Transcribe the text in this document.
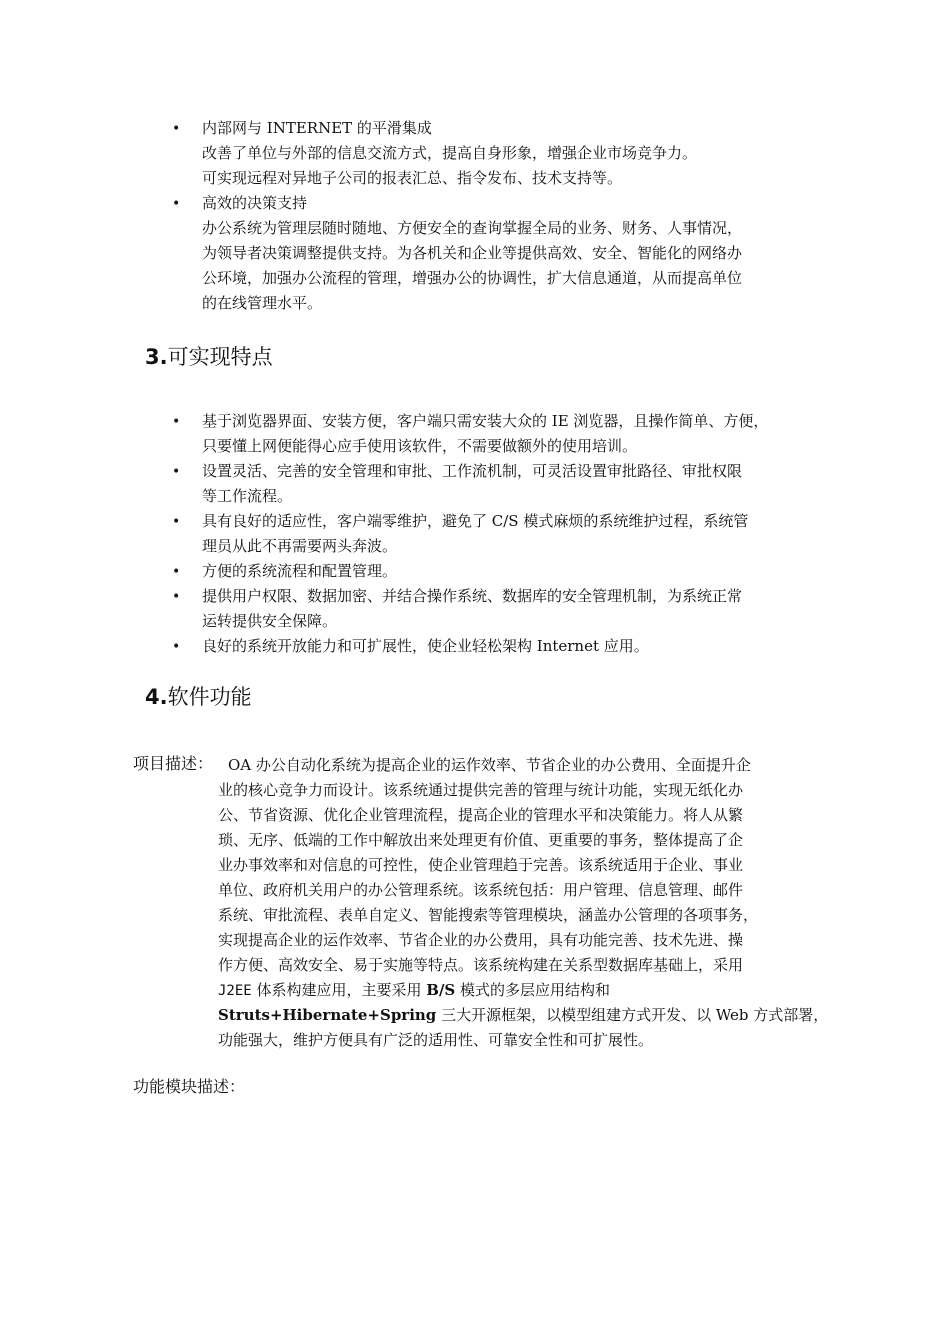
• 内部网与 INTERNET 的平滑集成
改善了单位与外部的信息交流方式，提高自身形象，增强企业市场竞争力。
可实现远程对异地子公司的报表汇总、指令发布、技术支持等。
• 高效的决策支持
办公系统为管理层随时随地、方便安全的查询掌握全局的业务、财务、人事情况，
为领导者决策调整提供支持。为各机关和企业等提供高效、安全、智能化的网络办
公环境，加强办公流程的管理，增强办公的协调性，扩大信息通道，从而提高单位
的在线管理水平。
3.可实现特点
• 基于浏览器界面、安装方便，客户端只需安装大众的 IE 浏览器，且操作简单、方便，
只要懂上网便能得心应手使用该软件，不需要做额外的使用培训。
• 设置灵活、完善的安全管理和审批、工作流机制，可灵活设置审批路径、审批权限
等工作流程。
• 具有良好的适应性，客户端零维护，避免了 C/S 模式麻烦的系统维护过程，系统管
理员从此不再需要两头奔波。
• 方便的系统流程和配置管理。
• 提供用户权限、数据加密、并结合操作系统、数据库的安全管理机制，为系统正常
运转提供安全保障。
• 良好的系统开放能力和可扩展性，使企业轻松架构 Internet 应用。
4.软件功能
项目描述： OA 办公自动化系统为提高企业的运作效率、节省企业的办公费用、全面提升企
业的核心竞争力而设计。该系统通过提供完善的管理与统计功能，实现无纸化办
公、节省资源、优化企业管理流程，提高企业的管理水平和决策能力。将人从繁
琐、无序、低端的工作中解放出来处理更有价值、更重要的事务，整体提高了企
业办事效率和对信息的可控性，使企业管理趋于完善。该系统适用于企业、事业
单位、政府机关用户的办公管理系统。该系统包括：用户管理、信息管理、邮件
系统、审批流程、表单自定义、智能搜索等管理模块，涵盖办公管理的各项事务，
实现提高企业的运作效率、节省企业的办公费用，具有功能完善、技术先进、操
作方便、高效安全、易于实施等特点。该系统构建在关系型数据库基础上，采用
J2EE 体系构建应用，主要采用 B/S 模式的多层应用结构和
Struts+Hibernate+Spring 三大开源框架，以模型组建方式开发、以 Web 方式部署，
功能强大，维护方便具有广泛的适用性、可靠安全性和可扩展性。
功能模块描述：
